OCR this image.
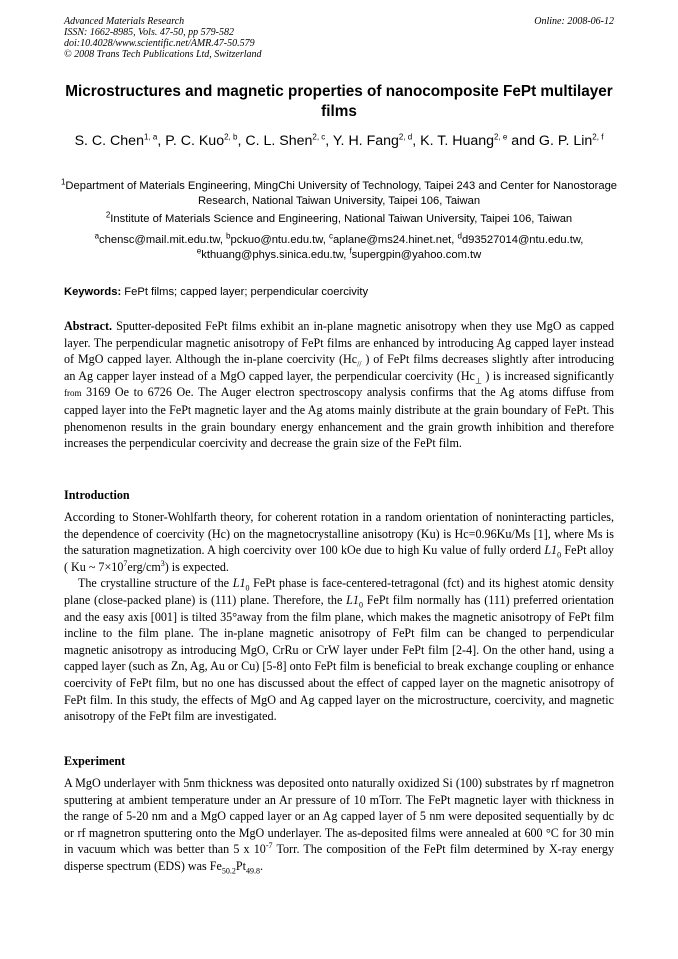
Advanced Materials Research
ISSN: 1662-8985, Vols. 47-50, pp 579-582
doi:10.4028/www.scientific.net/AMR.47-50.579
© 2008 Trans Tech Publications Ltd, Switzerland
Online: 2008-06-12
Microstructures and magnetic properties of nanocomposite FePt multilayer films
S. C. Chen$^{1, a}$, P. C. Kuo$^{2, b}$, C. L. Shen$^{2, c}$, Y. H. Fang$^{2, d}$, K. T. Huang$^{2, e}$ and G. P. Lin$^{2, f}$
$^1$Department of Materials Engineering, MingChi University of Technology, Taipei 243 and Center for Nanostorage Research, National Taiwan University, Taipei 106, Taiwan
$^2$Institute of Materials Science and Engineering, National Taiwan University, Taipei 106, Taiwan
$^a$chensc@mail.mit.edu.tw, $^b$pckuo@ntu.edu.tw, $^c$aplane@ms24.hinet.net, $^d$d93527014@ntu.edu.tw, $^e$kthuang@phys.sinica.edu.tw, $^f$supergpin@yahoo.com.tw
Keywords: FePt films; capped layer; perpendicular coercivity
Abstract. Sputter-deposited FePt films exhibit an in-plane magnetic anisotropy when they use MgO as capped layer. The perpendicular magnetic anisotropy of FePt films are enhanced by introducing Ag capped layer instead of MgO capped layer. Although the in-plane coercivity ($Hc_{//}$ ) of FePt films decreases slightly after introducing an Ag capper layer instead of a MgO capped layer, the perpendicular coercivity ($Hc_\perp$ ) is increased significantly from 3169 Oe to 6726 Oe. The Auger electron spectroscopy analysis confirms that the Ag atoms diffuse from capped layer into the FePt magnetic layer and the Ag atoms mainly distribute at the grain boundary of FePt. This phenomenon results in the grain boundary energy enhancement and the grain growth inhibition and therefore increases the perpendicular coercivity and decrease the grain size of the FePt film.
Introduction

According to Stoner-Wohlfarth theory, for coherent rotation in a random orientation of noninteracting particles, the dependence of coercivity (Hc) on the magnetocrystalline anisotropy (Ku) is Hc=0.96Ku/Ms [1], where Ms is the saturation magnetization. A high coercivity over 100 kOe due to high Ku value of fully orderd $L1_0$ FePt alloy ( Ku ~ $7\times 10^7erg/cm^3$) is expected.

The crystalline structure of the $L1_0$ FePt phase is face-centered-tetragonal (fct) and its highest atomic density plane (close-packed plane) is (111) plane. Therefore, the $L1_0$ FePt film normally has (111) preferred orientation and the easy axis [001] is tilted 35°away from the film plane, which makes the magnetic anisotropy of FePt film incline to the film plane. The in-plane magnetic anisotropy of FePt film can be changed to perpendicular magnetic anisotropy as introducing MgO, CrRu or CrW layer under FePt film [2-4]. On the other hand, using a capped layer (such as Zn, Ag, Au or Cu) [5-8] onto FePt film is beneficial to break exchange coupling or enhance coercivity of FePt film, but no one has discussed about the effect of capped layer on the magnetic anisotropy of FePt film. In this study, the effects of MgO and Ag capped layer on the microstructure, coercivity, and magnetic anisotropy of the FePt film are investigated.

Experiment

A MgO underlayer with 5nm thickness was deposited onto naturally oxidized Si (100) substrates by rf magnetron sputtering at ambient temperature under an Ar pressure of 10 mTorr. The FePt magnetic layer with thickness in the range of 5-20 nm and a MgO capped layer or an Ag capped layer of 5 nm were deposited sequentially by dc or rf magnetron sputtering onto the MgO underlayer. The as-deposited films were annealed at 600 °C for 30 min in vacuum which was better than 5 x $10^{-7}$ Torr. The composition of the FePt film determined by X-ray energy disperse spectrum (EDS) was $Fe_{50.2}Pt_{49.8}$.
